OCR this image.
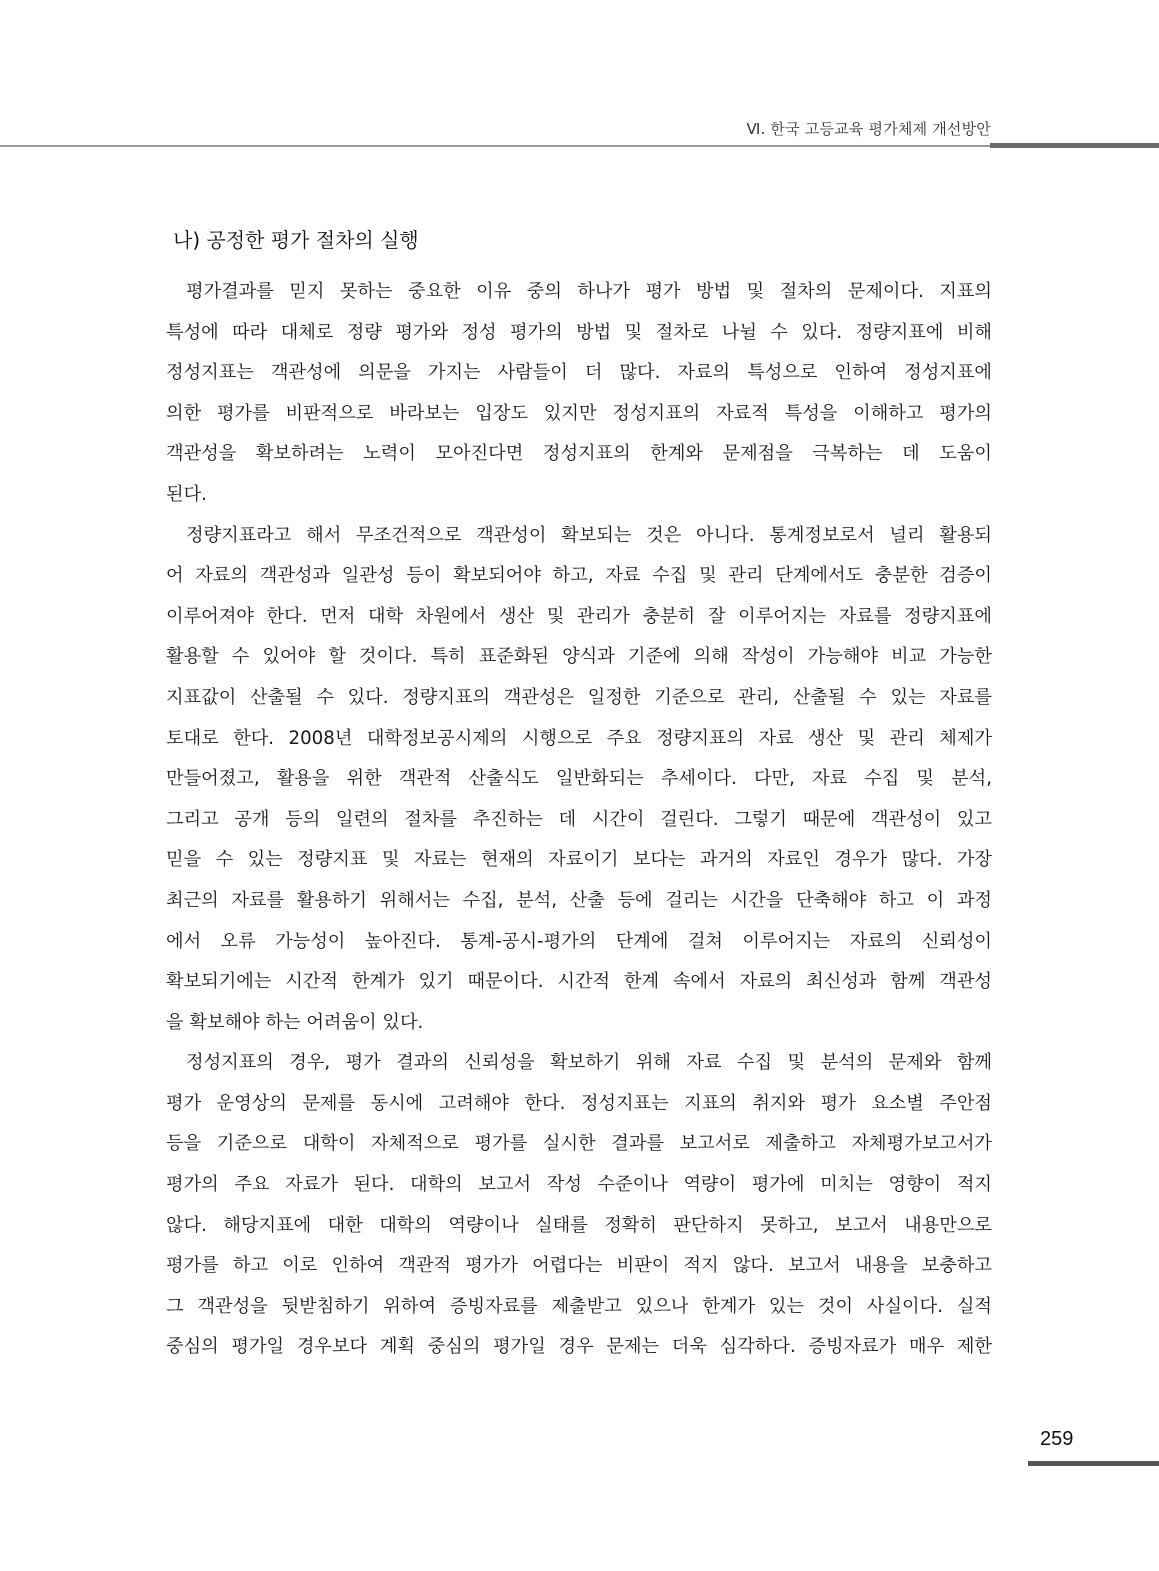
Ⅵ. 한국 고등교육 평가체제 개선방안
나) 공정한 평가 절차의 실행
평가결과를 믿지 못하는 중요한 이유 중의 하나가 평가 방법 및 절차의 문제이다. 지표의
특성에 따라 대체로 정량 평가와 정성 평가의 방법 및 절차로 나뉠 수 있다. 정량지표에 비해
정성지표는 객관성에 의문을 가지는 사람들이 더 많다. 자료의 특성으로 인하여 정성지표에
의한 평가를 비판적으로 바라보는 입장도 있지만 정성지표의 자료적 특성을 이해하고 평가의
객관성을 확보하려는 노력이 모아진다면 정성지표의 한계와 문제점을 극복하는 데 도움이
된다.
정량지표라고 해서 무조건적으로 객관성이 확보되는 것은 아니다. 통계정보로서 널리 활용되
어 자료의 객관성과 일관성 등이 확보되어야 하고, 자료 수집 및 관리 단계에서도 충분한 검증이
이루어져야 한다. 먼저 대학 차원에서 생산 및 관리가 충분히 잘 이루어지는 자료를 정량지표에
활용할 수 있어야 할 것이다. 특히 표준화된 양식과 기준에 의해 작성이 가능해야 비교 가능한
지표값이 산출될 수 있다. 정량지표의 객관성은 일정한 기준으로 관리, 산출될 수 있는 자료를
토대로 한다. 2008년 대학정보공시제의 시행으로 주요 정량지표의 자료 생산 및 관리 체제가
만들어졌고, 활용을 위한 객관적 산출식도 일반화되는 추세이다. 다만, 자료 수집 및 분석,
그리고 공개 등의 일련의 절차를 추진하는 데 시간이 걸린다. 그렇기 때문에 객관성이 있고
믿을 수 있는 정량지표 및 자료는 현재의 자료이기 보다는 과거의 자료인 경우가 많다. 가장
최근의 자료를 활용하기 위해서는 수집, 분석, 산출 등에 걸리는 시간을 단축해야 하고 이 과정
에서 오류 가능성이 높아진다. 통계-공시-평가의 단계에 걸쳐 이루어지는 자료의 신뢰성이
확보되기에는 시간적 한계가 있기 때문이다. 시간적 한계 속에서 자료의 최신성과 함께 객관성
을 확보해야 하는 어려움이 있다.
정성지표의 경우, 평가 결과의 신뢰성을 확보하기 위해 자료 수집 및 분석의 문제와 함께
평가 운영상의 문제를 동시에 고려해야 한다. 정성지표는 지표의 취지와 평가 요소별 주안점
등을 기준으로 대학이 자체적으로 평가를 실시한 결과를 보고서로 제출하고 자체평가보고서가
평가의 주요 자료가 된다. 대학의 보고서 작성 수준이나 역량이 평가에 미치는 영향이 적지
않다. 해당지표에 대한 대학의 역량이나 실태를 정확히 판단하지 못하고, 보고서 내용만으로
평가를 하고 이로 인하여 객관적 평가가 어렵다는 비판이 적지 않다. 보고서 내용을 보충하고
그 객관성을 뒷받침하기 위하여 증빙자료를 제출받고 있으나 한계가 있는 것이 사실이다. 실적
중심의 평가일 경우보다 계획 중심의 평가일 경우 문제는 더욱 심각하다. 증빙자료가 매우 제한
259
